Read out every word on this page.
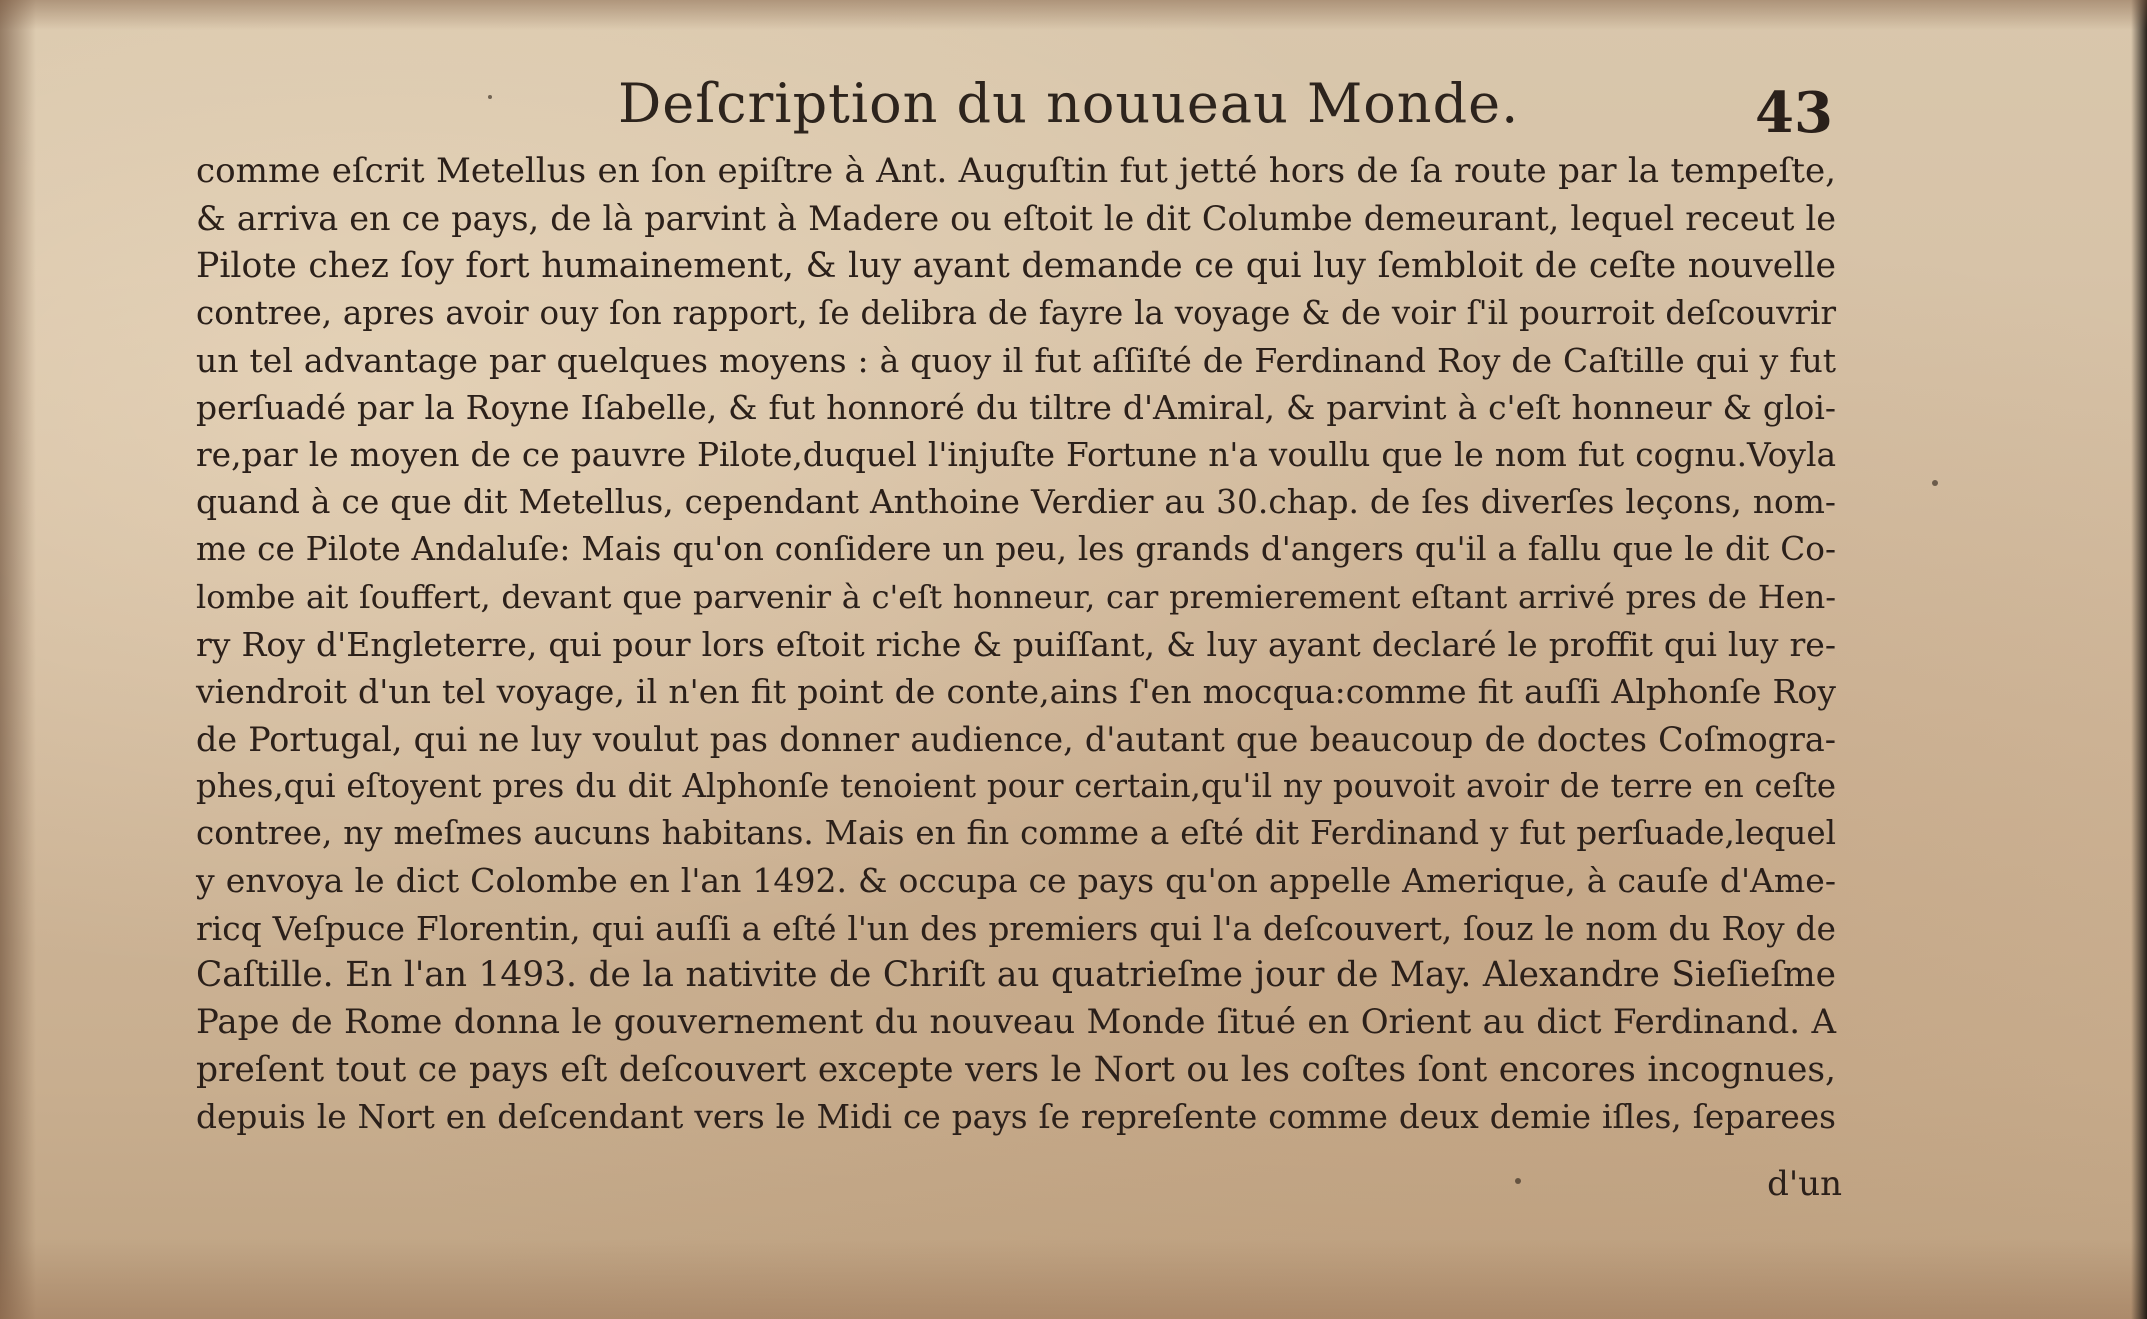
Deſcription du nouueau Monde.	43
comme eſcrit Metellus en ſon epiſtre à Ant. Auguſtin fut jetté hors de ſa route par la tempeſte,
& arriva en ce pays, de là parvint à Madere ou eſtoit le dit Columbe demeurant, lequel receut le
Pilote chez ſoy fort humainement, & luy ayant demande ce qui luy ſembloit de ceſte nouvelle
contree, apres avoir ouy ſon rapport, ſe delibra de fayre la voyage & de voir ſ'il pourroit deſcouvrir
un tel advantage par quelques moyens : à quoy il fut aſſiſté de Ferdinand Roy de Caſtille qui y fut
perſuadé par la Royne Iſabelle, & fut honnoré du tiltre d'Amiral, & parvint à c'eſt honneur & gloi-
re,par le moyen de ce pauvre Pilote,duquel l'injuſte Fortune n'a voullu que le nom fut cognu.Voyla
quand à ce que dit Metellus, cependant Anthoine Verdier au 30.chap. de ſes diverſes leçons, nom-
me ce Pilote Andaluſe: Mais qu'on conſidere un peu, les grands d'angers qu'il a fallu que le dit Co-
lombe ait ſouffert, devant que parvenir à c'eſt honneur, car premierement eſtant arrivé pres de Hen-
ry Roy d'Engleterre, qui pour lors eſtoit riche & puiſſant, & luy ayant declaré le proffit qui luy re-
viendroit d'un tel voyage, il n'en fit point de conte,ains ſ'en mocqua:comme fit auſſi Alphonſe Roy
de Portugal, qui ne luy voulut pas donner audience, d'autant que beaucoup de doctes Coſmogra-
phes,qui eſtoyent pres du dit Alphonſe tenoient pour certain,qu'il ny pouvoit avoir de terre en ceſte
contree, ny meſmes aucuns habitans. Mais en fin comme a eſté dit Ferdinand y fut perſuade,lequel
y envoya le dict Colombe en l'an 1492. & occupa ce pays qu'on appelle Amerique, à cauſe d'Ame-
ricq Veſpuce Florentin, qui auſſi a eſté l'un des premiers qui l'a deſcouvert, ſouz le nom du Roy de
Caſtille. En l'an 1493. de la nativite de Chriſt au quatrieſme jour de May. Alexandre Sieſieſme
Pape de Rome donna le gouvernement du nouveau Monde ſitué en Orient au dict Ferdinand. A
preſent tout ce pays eſt deſcouvert excepte vers le Nort ou les coſtes ſont encores incognues,
depuis le Nort en deſcendant vers le Midi ce pays ſe repreſente comme deux demie iſles, ſeparees
d'un
